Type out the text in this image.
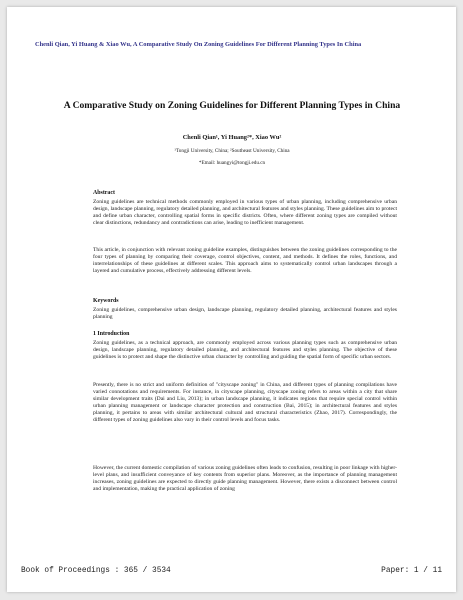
Chenli Qian, Yi Huang & Xiao Wu, A Comparative Study On Zoning Guidelines For Different Planning Types In China
A Comparative Study on Zoning Guidelines for Different Planning Types in China
Chenli Qian¹, Yi Huang²*, Xiao Wu²
¹Tongji University, China; ²Southeast University, China
*Email: huangyi@tongji.edu.cn

Abstract

Zoning guidelines are technical methods commonly employed in various types of urban planning, including comprehensive urban design, landscape planning, regulatory detailed planning, and architectural features and styles planning. These guidelines aim to protect and define urban character, controlling spatial forms in specific districts. Often, where different zoning types are compiled without clear distinctions, redundancy and contradictions can arise, leading to inefficient management.

This article, in conjunction with relevant zoning guideline examples, distinguishes between the zoning guidelines corresponding to the four types of planning by comparing their coverage, control objectives, content, and methods. It defines the roles, functions, and interrelationships of these guidelines at different scales. This approach aims to systematically control urban landscapes through a layered and cumulative process, effectively addressing different levels.

Keywords

Zoning guidelines, comprehensive urban design, landscape planning, regulatory detailed planning, architectural features and styles planning

1 Introduction

Zoning guidelines, as a technical approach, are commonly employed across various planning types such as comprehensive urban design, landscape planning, regulatory detailed planning, and architectural features and styles planning. The objective of these guidelines is to protect and shape the distinctive urban character by controlling and guiding the spatial form of specific urban sectors.

Presently, there is no strict and uniform definition of "cityscape zoning" in China, and different types of planning compilations have varied connotations and requirements. For instance, in cityscape planning, cityscape zoning refers to areas within a city that share similar development traits (Dai and Liu, 2013); in urban landscape planning, it indicates regions that require special control within urban planning management or landscape character protection and construction (Bai, 2015); in architectural features and styles planning, it pertains to areas with similar architectural cultural and structural characteristics (Zhao, 2017). Correspondingly, the different types of zoning guidelines also vary in their control levels and focus tasks.

However, the current domestic compilation of various zoning guidelines often leads to confusion, resulting in poor linkage with higher-level plans, and insufficient conveyance of key contents from superior plans. Moreover, as the importance of planning management increases, zoning guidelines are expected to directly guide planning management. However, there exists a disconnect between control and implementation, making the practical application of zoning

Book of Proceedings : 365 / 3534	Paper: 1 / 11
